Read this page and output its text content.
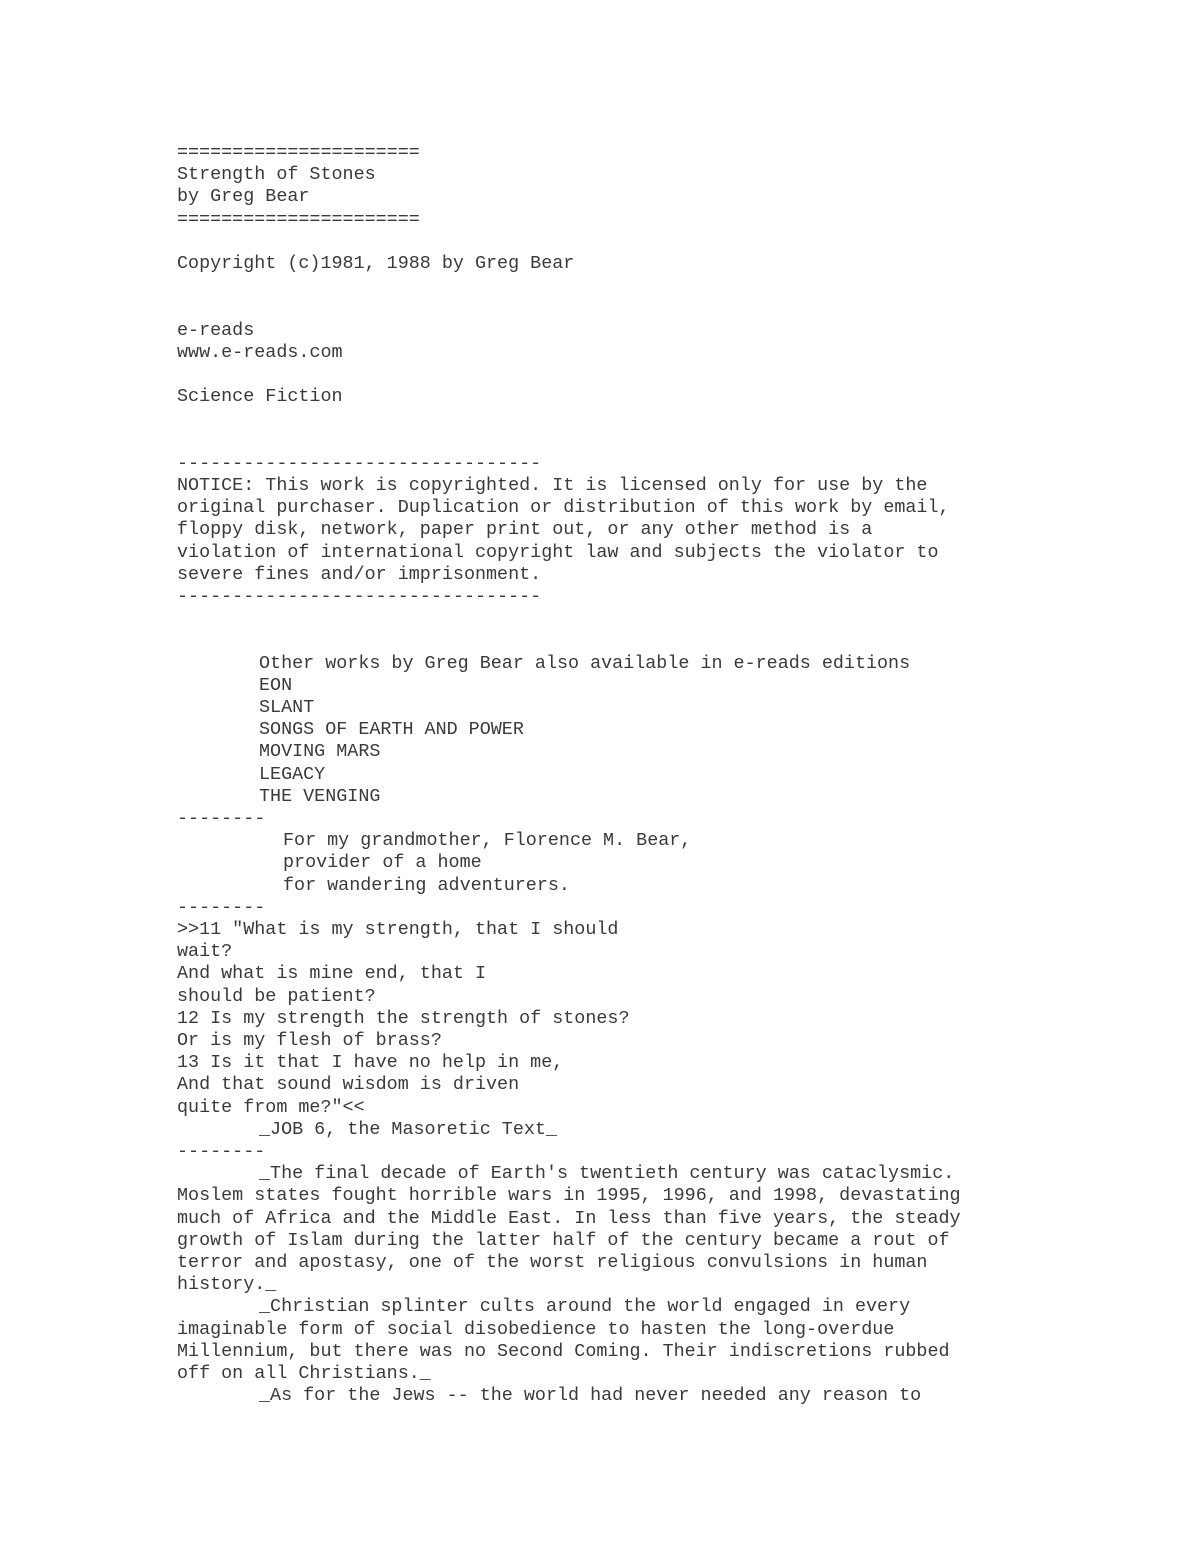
======================
Strength of Stones
by Greg Bear
======================
Copyright (c)1981, 1988 by Greg Bear
e-reads
www.e-reads.com
Science Fiction
---------------------------------
NOTICE: This work is copyrighted. It is licensed only for use by the
original purchaser. Duplication or distribution of this work by email,
floppy disk, network, paper print out, or any other method is a
violation of international copyright law and subjects the violator to
severe fines and/or imprisonment.
---------------------------------
Other works by Greg Bear also available in e-reads editions
EON
SLANT
SONGS OF EARTH AND POWER
MOVING MARS
LEGACY
THE VENGING
--------
For my grandmother, Florence M. Bear,
provider of a home
for wandering adventurers.
--------
>>11 "What is my strength, that I should
wait?
And what is mine end, that I
should be patient?
12 Is my strength the strength of stones?
Or is my flesh of brass?
13 Is it that I have no help in me,
And that sound wisdom is driven
quite from me?"<<
_JOB 6, the Masoretic Text_
--------
_The final decade of Earth's twentieth century was cataclysmic.
Moslem states fought horrible wars in 1995, 1996, and 1998, devastating
much of Africa and the Middle East. In less than five years, the steady
growth of Islam during the latter half of the century became a rout of
terror and apostasy, one of the worst religious convulsions in human
history._
_Christian splinter cults around the world engaged in every
imaginable form of social disobedience to hasten the long-overdue
Millennium, but there was no Second Coming. Their indiscretions rubbed
off on all Christians._
_As for the Jews -- the world had never needed any reason to
